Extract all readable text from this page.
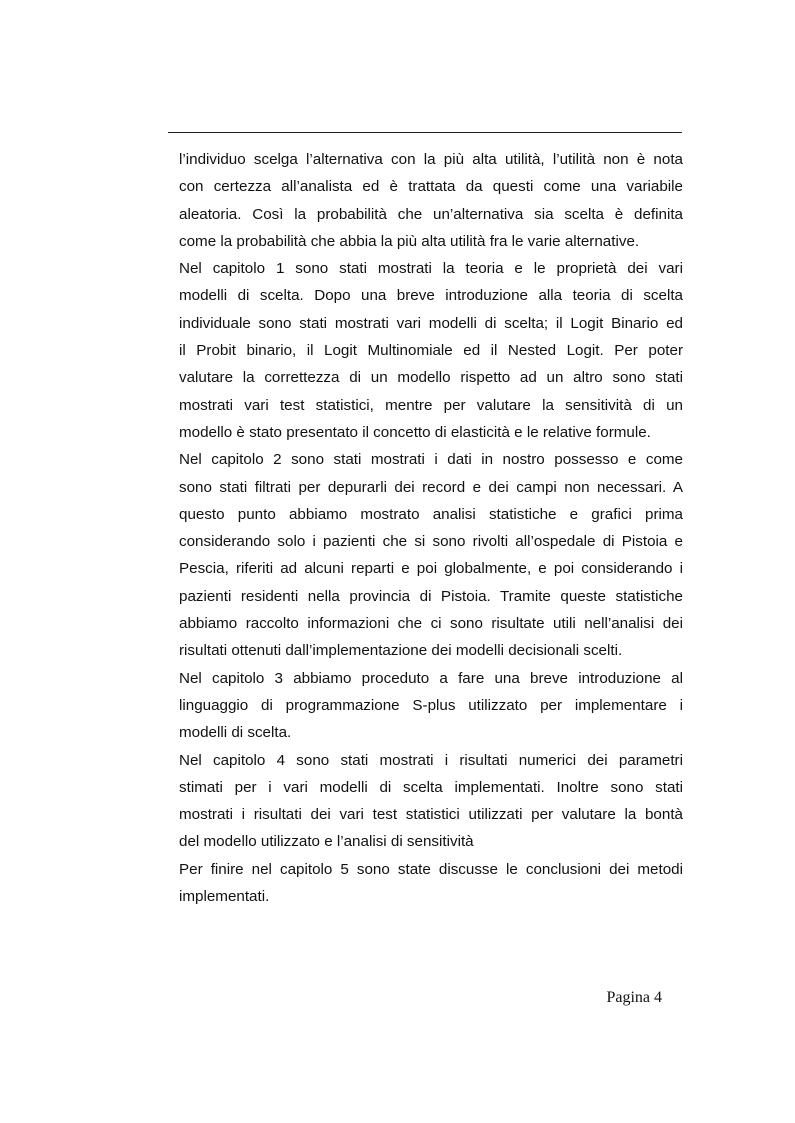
l’individuo scelga l’alternativa con la più alta utilità, l’utilità non è nota
con certezza all’analista ed è trattata da questi come una variabile
aleatoria. Così la probabilità che un’alternativa sia scelta è definita
come la probabilità che abbia la più alta utilità fra le varie alternative.
Nel capitolo 1 sono stati mostrati la teoria e le proprietà dei vari
modelli di scelta. Dopo una breve introduzione alla teoria di scelta
individuale sono stati mostrati vari modelli di scelta; il Logit Binario ed
il Probit binario, il Logit Multinomiale ed il Nested Logit. Per poter
valutare la correttezza di un modello rispetto ad un altro sono stati
mostrati vari test statistici, mentre per valutare la sensitività di un
modello è stato presentato il concetto di elasticità e le relative formule.
Nel capitolo 2 sono stati mostrati i dati in nostro possesso e come
sono stati filtrati per depurarli dei record e dei campi non necessari. A
questo punto abbiamo mostrato analisi statistiche e grafici prima
considerando solo i pazienti che si sono rivolti all’ospedale di Pistoia e
Pescia, riferiti ad alcuni reparti e poi globalmente, e poi considerando i
pazienti residenti nella provincia di Pistoia. Tramite queste statistiche
abbiamo raccolto informazioni che ci sono risultate utili nell’analisi dei
risultati ottenuti dall’implementazione dei modelli decisionali scelti.
Nel capitolo 3 abbiamo proceduto a fare una breve introduzione al
linguaggio di programmazione S-plus utilizzato per implementare i
modelli di scelta.
Nel capitolo 4 sono stati mostrati i risultati numerici dei parametri
stimati per i vari modelli di scelta implementati. Inoltre sono stati
mostrati i risultati dei vari test statistici utilizzati per valutare la bontà
del modello utilizzato e l’analisi di sensitività
Per finire nel capitolo 5 sono state discusse le conclusioni dei metodi
implementati.
Pagina 4
